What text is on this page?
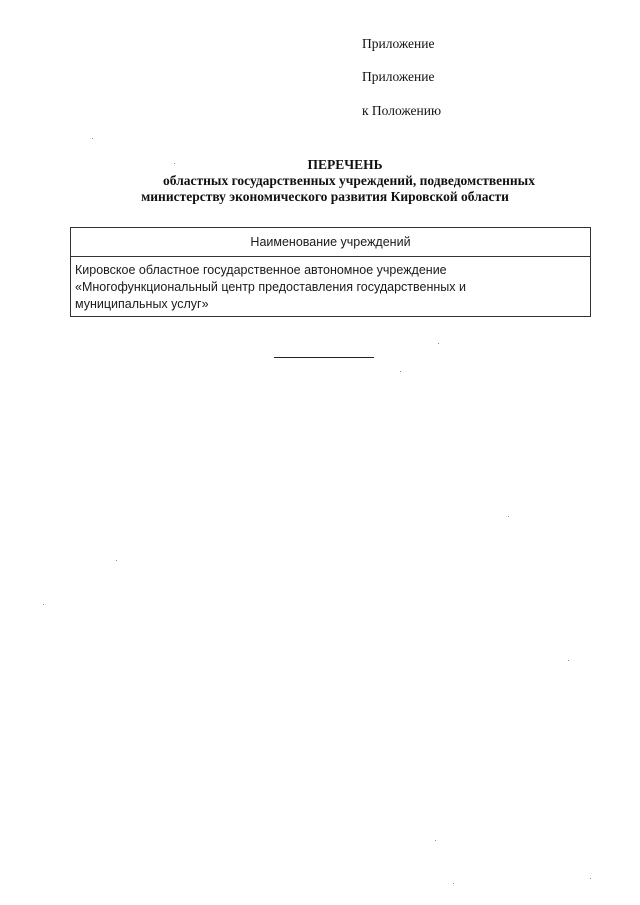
Приложение
Приложение
к Положению
ПЕРЕЧЕНЬ
областных государственных учреждений, подведомственных
министерству экономического развития Кировской области
Наименование учреждений

Кировское областное государственное автономное учреждение
«Многофункциональный центр предоставления государственных и
муниципальных услуг»
